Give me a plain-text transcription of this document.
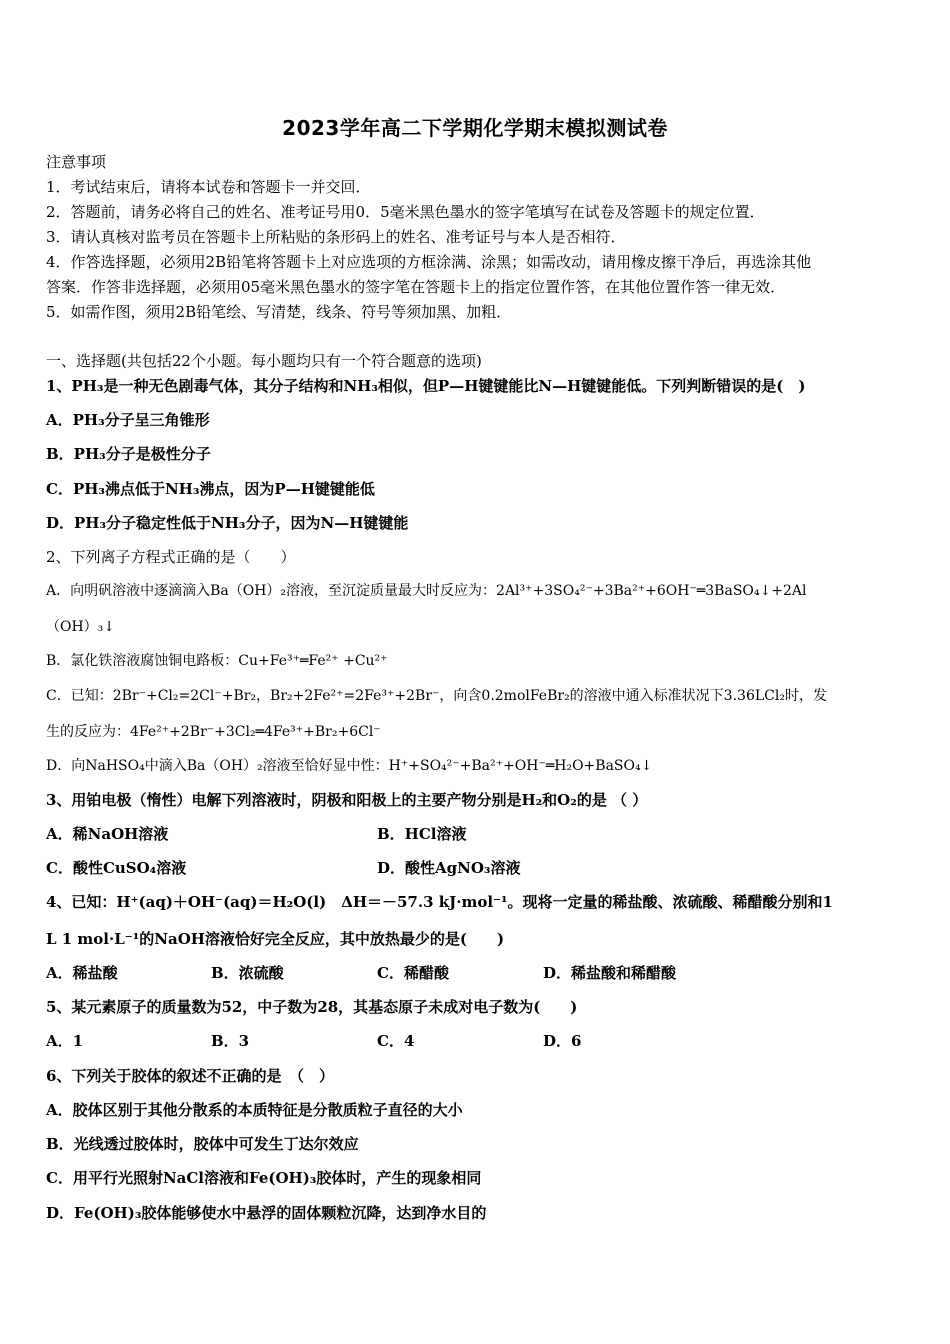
2023学年高二下学期化学期末模拟测试卷
注意事项
1．考试结束后，请将本试卷和答题卡一并交回．
2．答题前，请务必将自己的姓名、准考证号用0．5毫米黑色墨水的签字笔填写在试卷及答题卡的规定位置．
3．请认真核对监考员在答题卡上所粘贴的条形码上的姓名、准考证号与本人是否相符．
4．作答选择题，必须用2B铅笔将答题卡上对应选项的方框涂满、涂黑；如需改动，请用橡皮擦干净后，再选涂其他
答案．作答非选择题，必须用05毫米黑色墨水的签字笔在答题卡上的指定位置作答，在其他位置作答一律无效．
5．如需作图，须用2B铅笔绘、写清楚，线条、符号等须加黑、加粗．
一、选择题(共包括22个小题。每小题均只有一个符合题意的选项)
1、PH₃是一种无色剧毒气体，其分子结构和NH₃相似，但P—H键键能比N—H键键能低。下列判断错误的是(　)
A．PH₃分子呈三角锥形
B．PH₃分子是极性分子
C．PH₃沸点低于NH₃沸点，因为P—H键键能低
D．PH₃分子稳定性低于NH₃分子，因为N—H键键能
2、下列离子方程式正确的是（　　）
A．向明矾溶液中逐滴滴入Ba（OH）₂溶液，至沉淀质量最大时反应为：2Al³⁺+3SO₄²⁻+3Ba²⁺+6OH⁻═3BaSO₄↓+2Al
（OH）₃↓
B．氯化铁溶液腐蚀铜电路板：Cu+Fe³⁺═Fe²⁺ +Cu²⁺
C．已知：2Br⁻+Cl₂=2Cl⁻+Br₂，Br₂+2Fe²⁺=2Fe³⁺+2Br⁻，向含0.2molFeBr₂的溶液中通入标准状况下3.36LCl₂时，发
生的反应为：4Fe²⁺+2Br⁻+3Cl₂═4Fe³⁺+Br₂+6Cl⁻
D．向NaHSO₄中滴入Ba（OH）₂溶液至恰好显中性：H⁺+SO₄²⁻+Ba²⁺+OH⁻═H₂O+BaSO₄↓
3、用铂电极（惰性）电解下列溶液时，阴极和阳极上的主要产物分别是H₂和O₂的是 （ ）
A．稀NaOH溶液	B．HCl溶液
C．酸性CuSO₄溶液	D．酸性AgNO₃溶液
4、已知：H⁺(aq)＋OH⁻(aq)＝H₂O(l)　ΔH＝－57.3 kJ·mol⁻¹。现将一定量的稀盐酸、浓硫酸、稀醋酸分别和1
L 1 mol·L⁻¹的NaOH溶液恰好完全反应，其中放热最少的是(　　)
A．稀盐酸	B．浓硫酸	C．稀醋酸	D．稀盐酸和稀醋酸
5、某元素原子的质量数为52，中子数为28，其基态原子未成对电子数为(　　)
A．1	B．3	C．4	D．6
6、下列关于胶体的叙述不正确的是　（　）
A．胶体区别于其他分散系的本质特征是分散质粒子直径的大小
B．光线透过胶体时，胶体中可发生丁达尔效应
C．用平行光照射NaCl溶液和Fe(OH)₃胶体时，产生的现象相同
D．Fe(OH)₃胶体能够使水中悬浮的固体颗粒沉降，达到净水目的
